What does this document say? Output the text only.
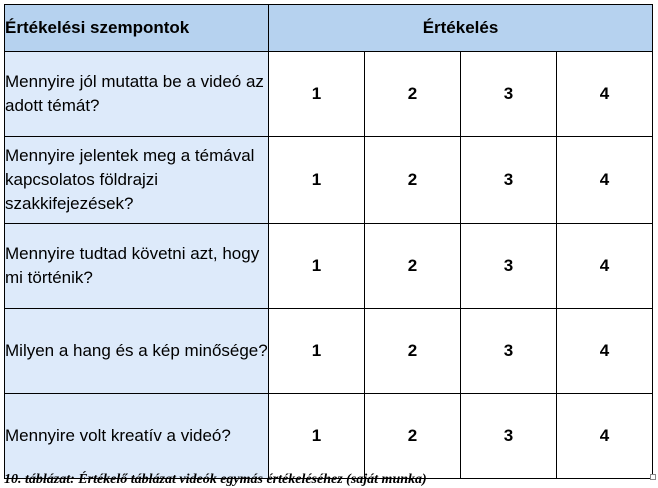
Értékelési szempontok	Értékelés			
Mennyire jól mutatta be a videó az adott témát?	1	2	3	4
Mennyire jelentek meg a témával kapcsolatos földrajzi szakkifejezések?	1	2	3	4
Mennyire tudtad követni azt, hogy mi történik?	1	2	3	4
Milyen a hang és a kép minősége?	1	2	3	4
Mennyire volt kreatív a videó?	1	2	3	4
10. táblázat: Értékelő táblázat videók egymás értékeléséhez (saját munka)
